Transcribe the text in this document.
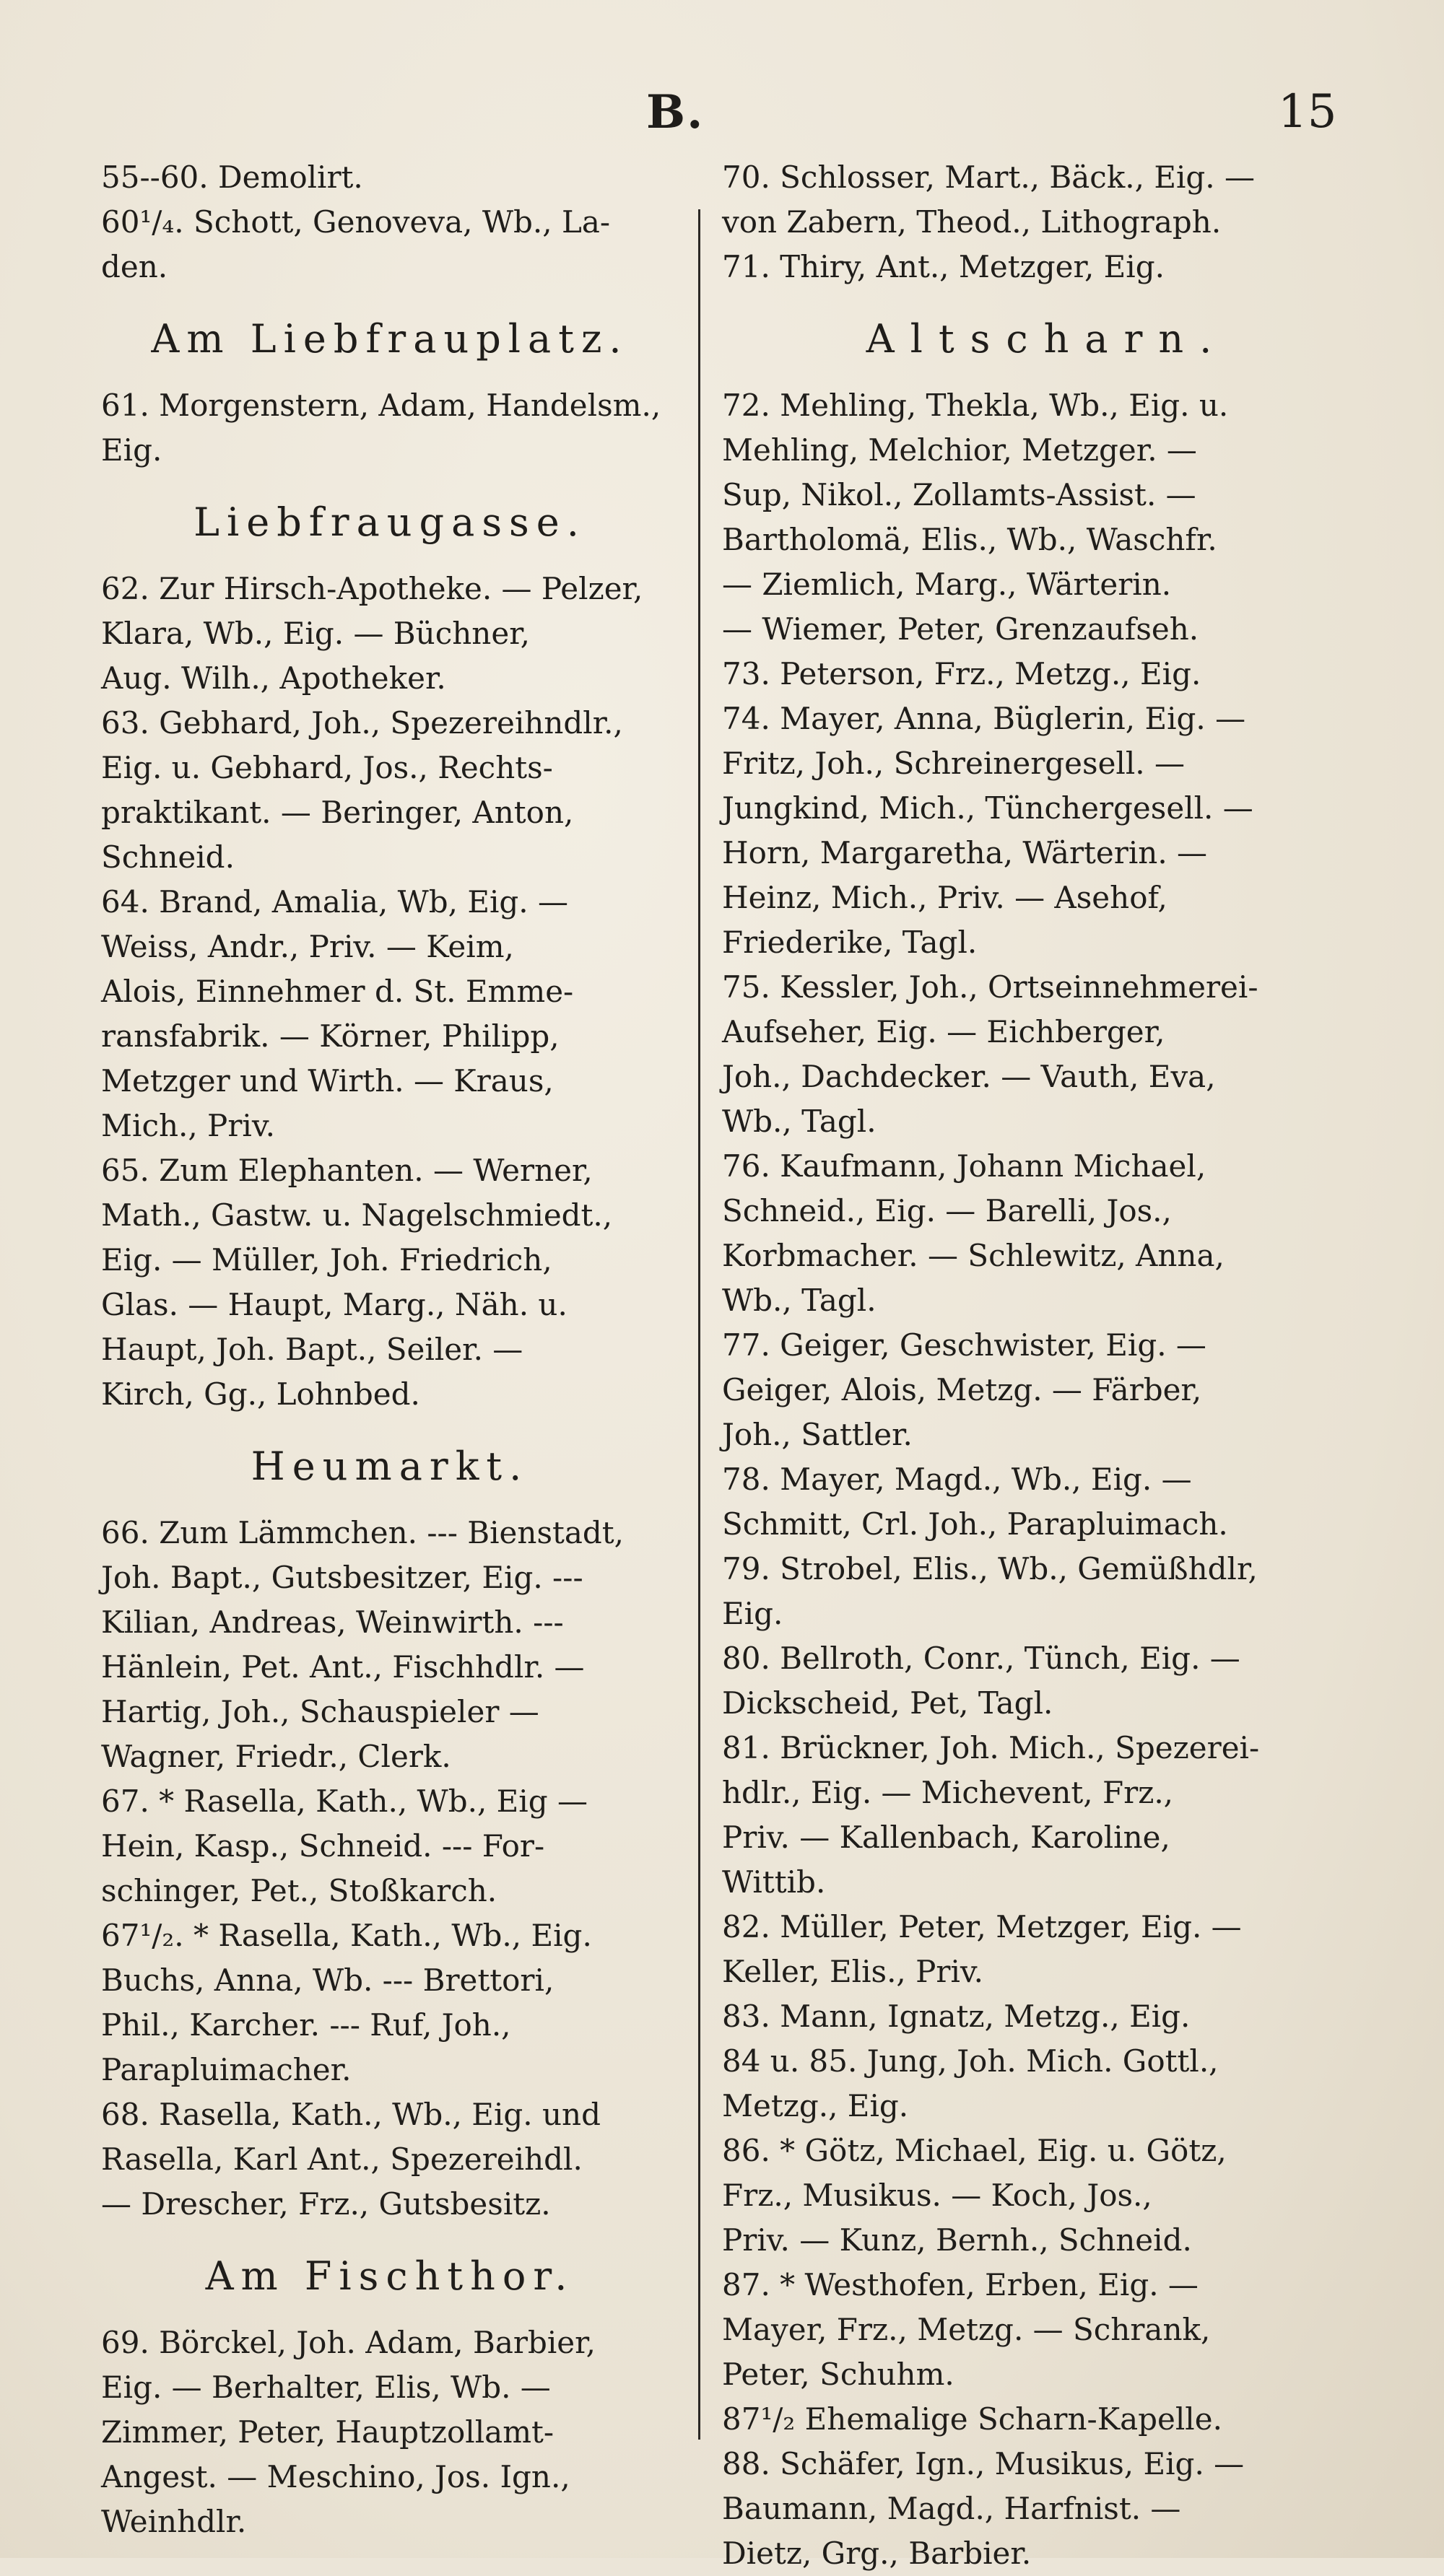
B.	15
55--60. Demolirt.
60¹/₄. Schott, Genoveva, Wb., La-
den.
Am Liebfrauplatz.
61. Morgenstern, Adam, Handelsm.,
Eig.
Liebfraugasse.
62. Zur Hirsch-Apotheke. — Pelzer,
Klara, Wb., Eig. — Büchner,
Aug. Wilh., Apotheker.
63. Gebhard, Joh., Spezereihndlr.,
Eig. u. Gebhard, Jos., Rechts-
praktikant. — Beringer, Anton,
Schneid.
64. Brand, Amalia, Wb, Eig. —
Weiss, Andr., Priv. — Keim,
Alois, Einnehmer d. St. Emme-
ransfabrik. — Körner, Philipp,
Metzger und Wirth. — Kraus,
Mich., Priv.
65. Zum Elephanten. — Werner,
Math., Gastw. u. Nagelschmiedt.,
Eig. — Müller, Joh. Friedrich,
Glas. — Haupt, Marg., Näh. u.
Haupt, Joh. Bapt., Seiler. —
Kirch, Gg., Lohnbed.
Heumarkt.
66. Zum Lämmchen. --- Bienstadt,
Joh. Bapt., Gutsbesitzer, Eig. ---
Kilian, Andreas, Weinwirth. ---
Hänlein, Pet. Ant., Fischhdlr. —
Hartig, Joh., Schauspieler —
Wagner, Friedr., Clerk.
67. * Rasella, Kath., Wb., Eig —
Hein, Kasp., Schneid. --- For-
schinger, Pet., Stoßkarch.
67¹/₂. * Rasella, Kath., Wb., Eig.
Buchs, Anna, Wb. --- Brettori,
Phil., Karcher. --- Ruf, Joh.,
Parapluimacher.
68. Rasella, Kath., Wb., Eig. und
Rasella, Karl Ant., Spezereihdl.
— Drescher, Frz., Gutsbesitz.
Am Fischthor.
69. Börckel, Joh. Adam, Barbier,
Eig. — Berhalter, Elis, Wb. —
Zimmer, Peter, Hauptzollamt-
Angest. — Meschino, Jos. Ign.,
Weinhdlr.
70. Schlosser, Mart., Bäck., Eig. —
von Zabern, Theod., Lithograph.
71. Thiry, Ant., Metzger, Eig.
Altscharn.
72. Mehling, Thekla, Wb., Eig. u.
Mehling, Melchior, Metzger. —
Sup, Nikol., Zollamts-Assist. —
Bartholomä, Elis., Wb., Waschfr.
— Ziemlich, Marg., Wärterin.
— Wiemer, Peter, Grenzaufseh.
73. Peterson, Frz., Metzg., Eig.
74. Mayer, Anna, Büglerin, Eig. —
Fritz, Joh., Schreinergesell. —
Jungkind, Mich., Tünchergesell. —
Horn, Margaretha, Wärterin. —
Heinz, Mich., Priv. — Asehof,
Friederike, Tagl.
75. Kessler, Joh., Ortseinnehmerei-
Aufseher, Eig. — Eichberger,
Joh., Dachdecker. — Vauth, Eva,
Wb., Tagl.
76. Kaufmann, Johann Michael,
Schneid., Eig. — Barelli, Jos.,
Korbmacher. — Schlewitz, Anna,
Wb., Tagl.
77. Geiger, Geschwister, Eig. —
Geiger, Alois, Metzg. — Färber,
Joh., Sattler.
78. Mayer, Magd., Wb., Eig. —
Schmitt, Crl. Joh., Parapluimach.
79. Strobel, Elis., Wb., Gemüßhdlr,
Eig.
80. Bellroth, Conr., Tünch, Eig. —
Dickscheid, Pet, Tagl.
81. Brückner, Joh. Mich., Spezerei-
hdlr., Eig. — Michevent, Frz.,
Priv. — Kallenbach, Karoline,
Wittib.
82. Müller, Peter, Metzger, Eig. —
Keller, Elis., Priv.
83. Mann, Ignatz, Metzg., Eig.
84 u. 85. Jung, Joh. Mich. Gottl.,
Metzg., Eig.
86. * Götz, Michael, Eig. u. Götz,
Frz., Musikus. — Koch, Jos.,
Priv. — Kunz, Bernh., Schneid.
87. * Westhofen, Erben, Eig. —
Mayer, Frz., Metzg. — Schrank,
Peter, Schuhm.
87¹/₂ Ehemalige Scharn-Kapelle.
88. Schäfer, Ign., Musikus, Eig. —
Baumann, Magd., Harfnist. —
Dietz, Grg., Barbier.
